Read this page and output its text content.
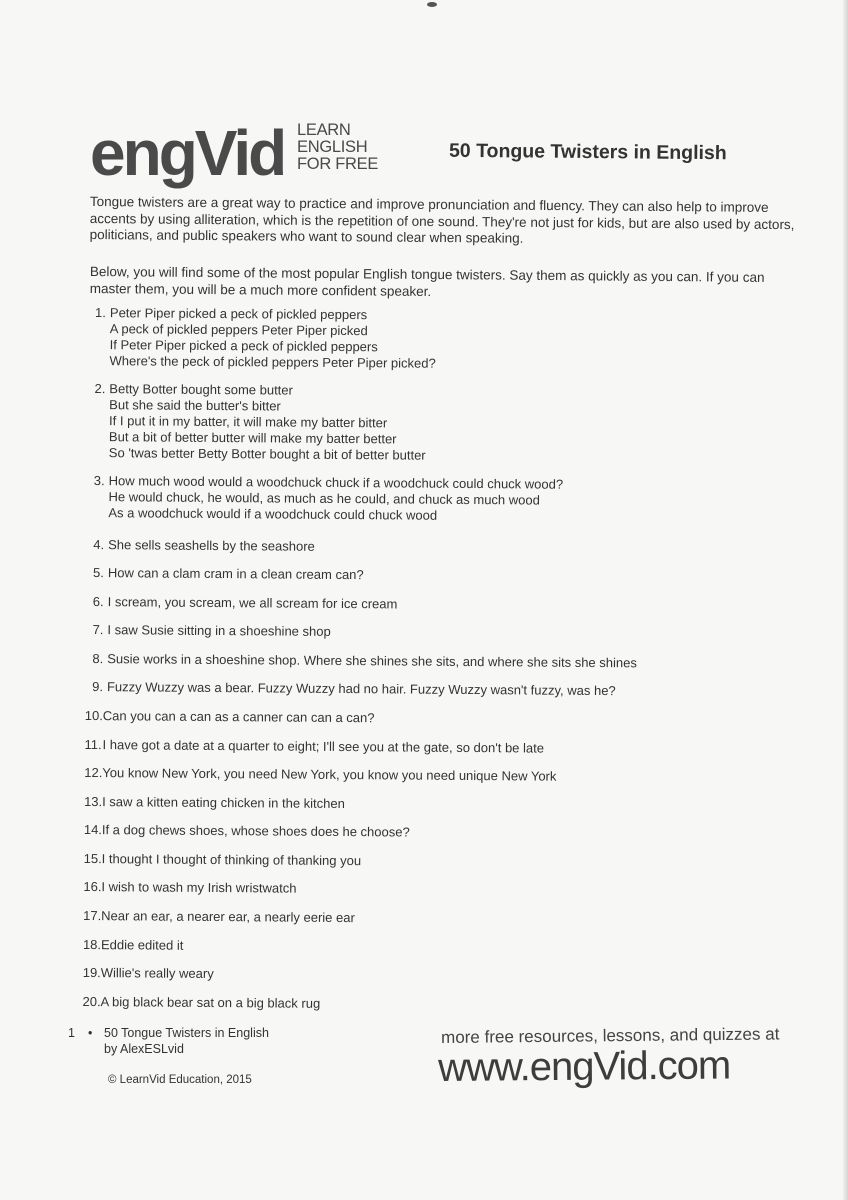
engVid LEARN
ENGLISH
FOR FREE	50 Tongue Twisters in English
Tongue twisters are a great way to practice and improve pronunciation and fluency. They can also help to improve accents by using alliteration, which is the repetition of one sound. They're not just for kids, but are also used by actors, politicians, and public speakers who want to sound clear when speaking.
Below, you will find some of the most popular English tongue twisters. Say them as quickly as you can. If you can master them, you will be a much more confident speaker.
1. Peter Piper picked a peck of pickled peppers
A peck of pickled peppers Peter Piper picked
If Peter Piper picked a peck of pickled peppers
Where's the peck of pickled peppers Peter Piper picked?
2. Betty Botter bought some butter
But she said the butter's bitter
If I put it in my batter, it will make my batter bitter
But a bit of better butter will make my batter better
So 'twas better Betty Botter bought a bit of better butter
3. How much wood would a woodchuck chuck if a woodchuck could chuck wood?
He would chuck, he would, as much as he could, and chuck as much wood
As a woodchuck would if a woodchuck could chuck wood
4. She sells seashells by the seashore
5. How can a clam cram in a clean cream can?
6. I scream, you scream, we all scream for ice cream
7. I saw Susie sitting in a shoeshine shop
8. Susie works in a shoeshine shop. Where she shines she sits, and where she sits she shines
9. Fuzzy Wuzzy was a bear. Fuzzy Wuzzy had no hair. Fuzzy Wuzzy wasn't fuzzy, was he?
10. Can you can a can as a canner can can a can?
11. I have got a date at a quarter to eight; I'll see you at the gate, so don't be late
12. You know New York, you need New York, you know you need unique New York
13. I saw a kitten eating chicken in the kitchen
14. If a dog chews shoes, whose shoes does he choose?
15. I thought I thought of thinking of thanking you
16. I wish to wash my Irish wristwatch
17. Near an ear, a nearer ear, a nearly eerie ear
18. Eddie edited it
19. Willie's really weary
20. A big black bear sat on a big black rug
1 • 50 Tongue Twisters in English
by AlexESLvid
© LearnVid Education, 2015
more free resources, lessons, and quizzes at
www.engVid.com
